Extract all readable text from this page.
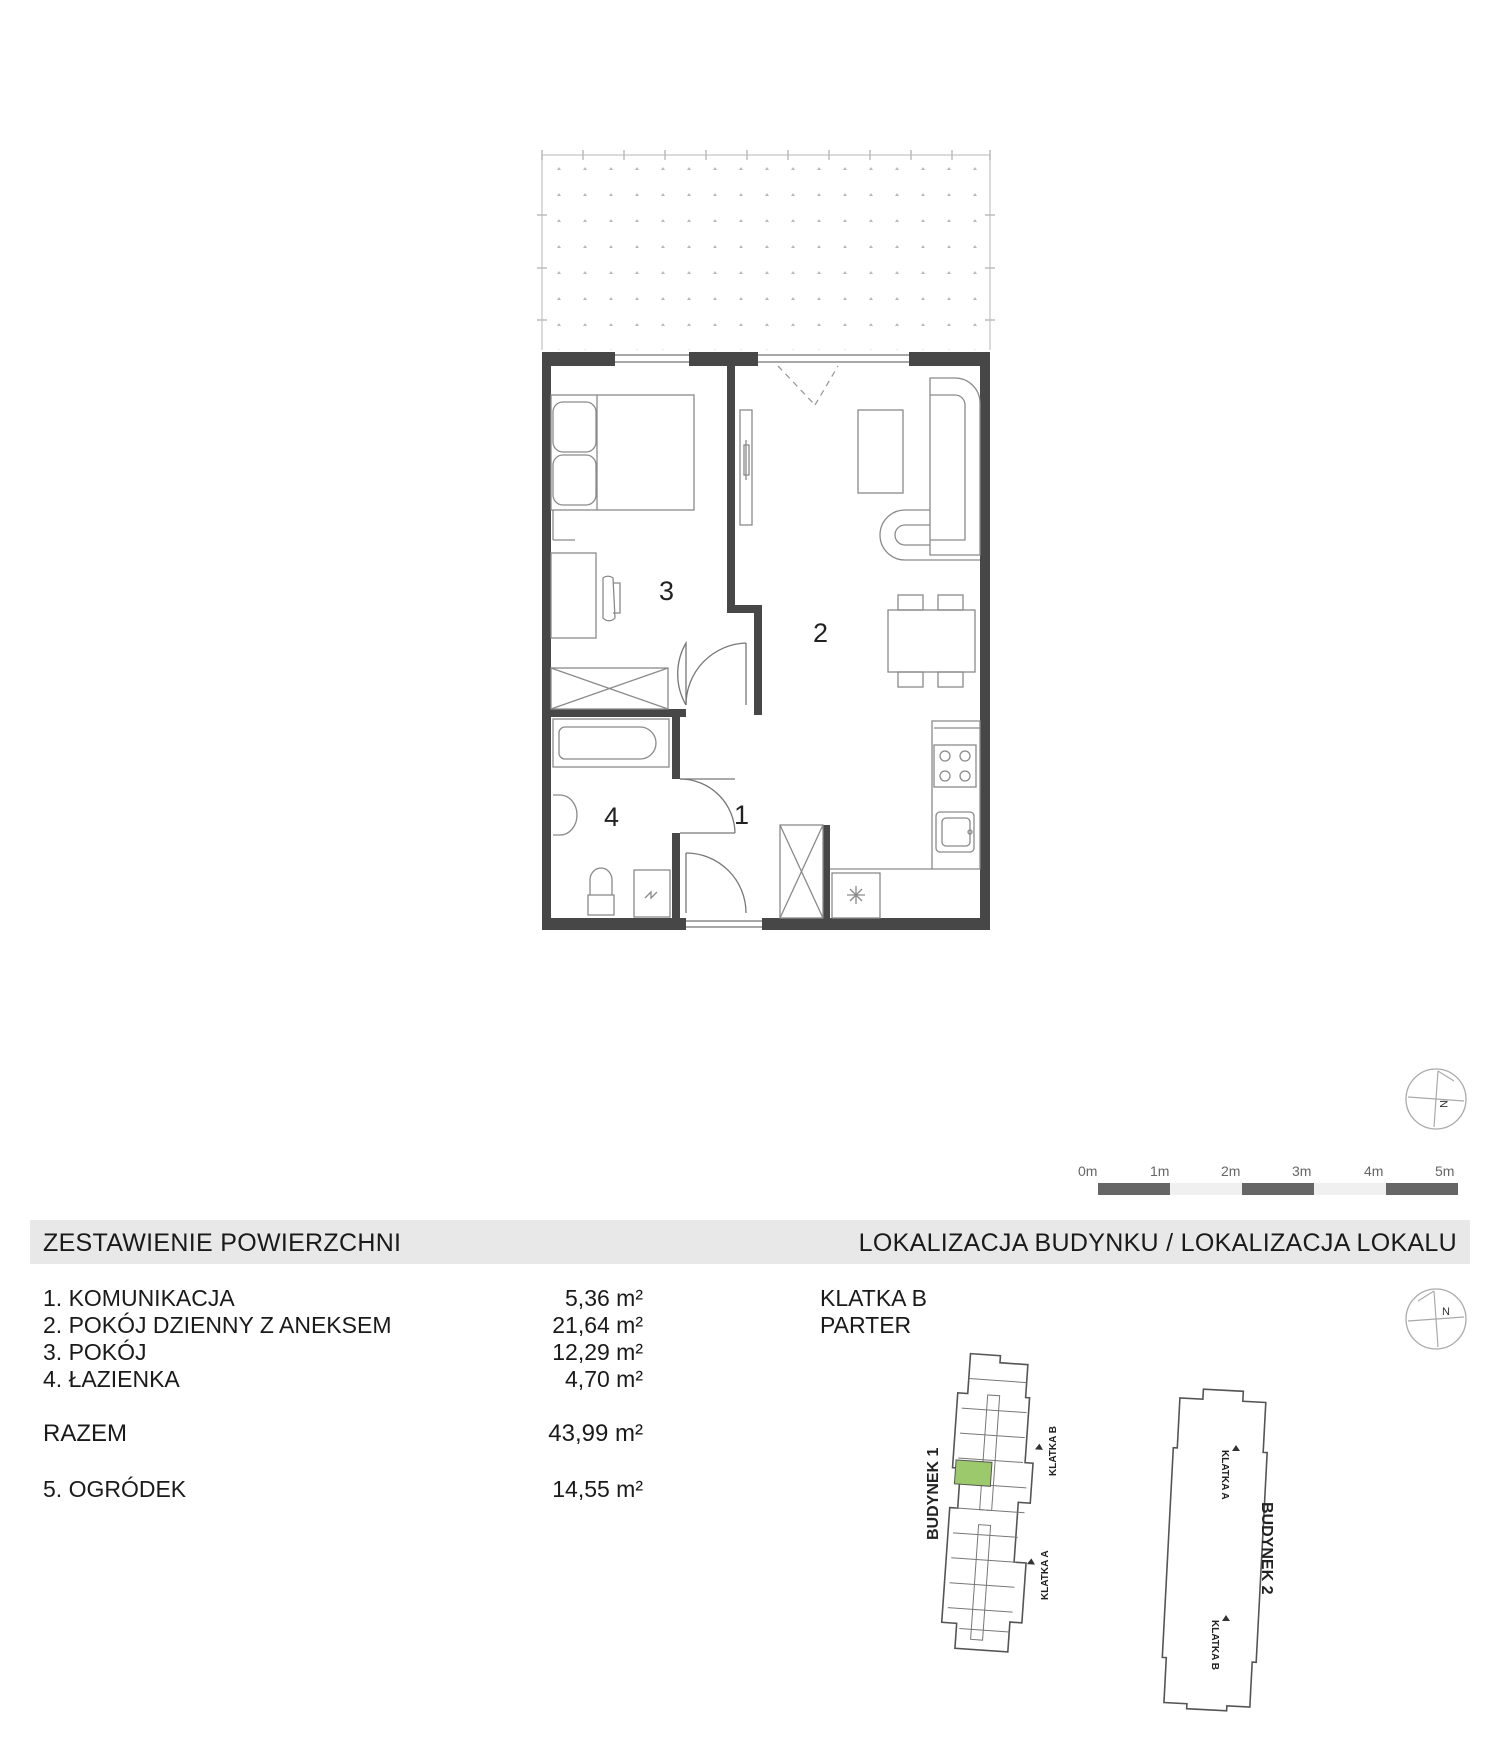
1
2
3
4
N
0m	1m	2m	3m	4m	5m
ZESTAWIENIE POWIERZCHNI	LOKALIZACJA BUDYNKU / LOKALIZACJA LOKALU
1. KOMUNIKACJA	5,36 m²
2. POKÓJ DZIENNY Z ANEKSEM	21,64 m²
3. POKÓJ	12,29 m²
4. ŁAZIENKA	4,70 m²
RAZEM	43,99 m²
5. OGRÓDEK	14,55 m²
KLATKA B
PARTER	N
BUDYNEK 1	KLATKA B
KLATKA A	BUDYNEK 2
KLATKA A
KLATKA B
